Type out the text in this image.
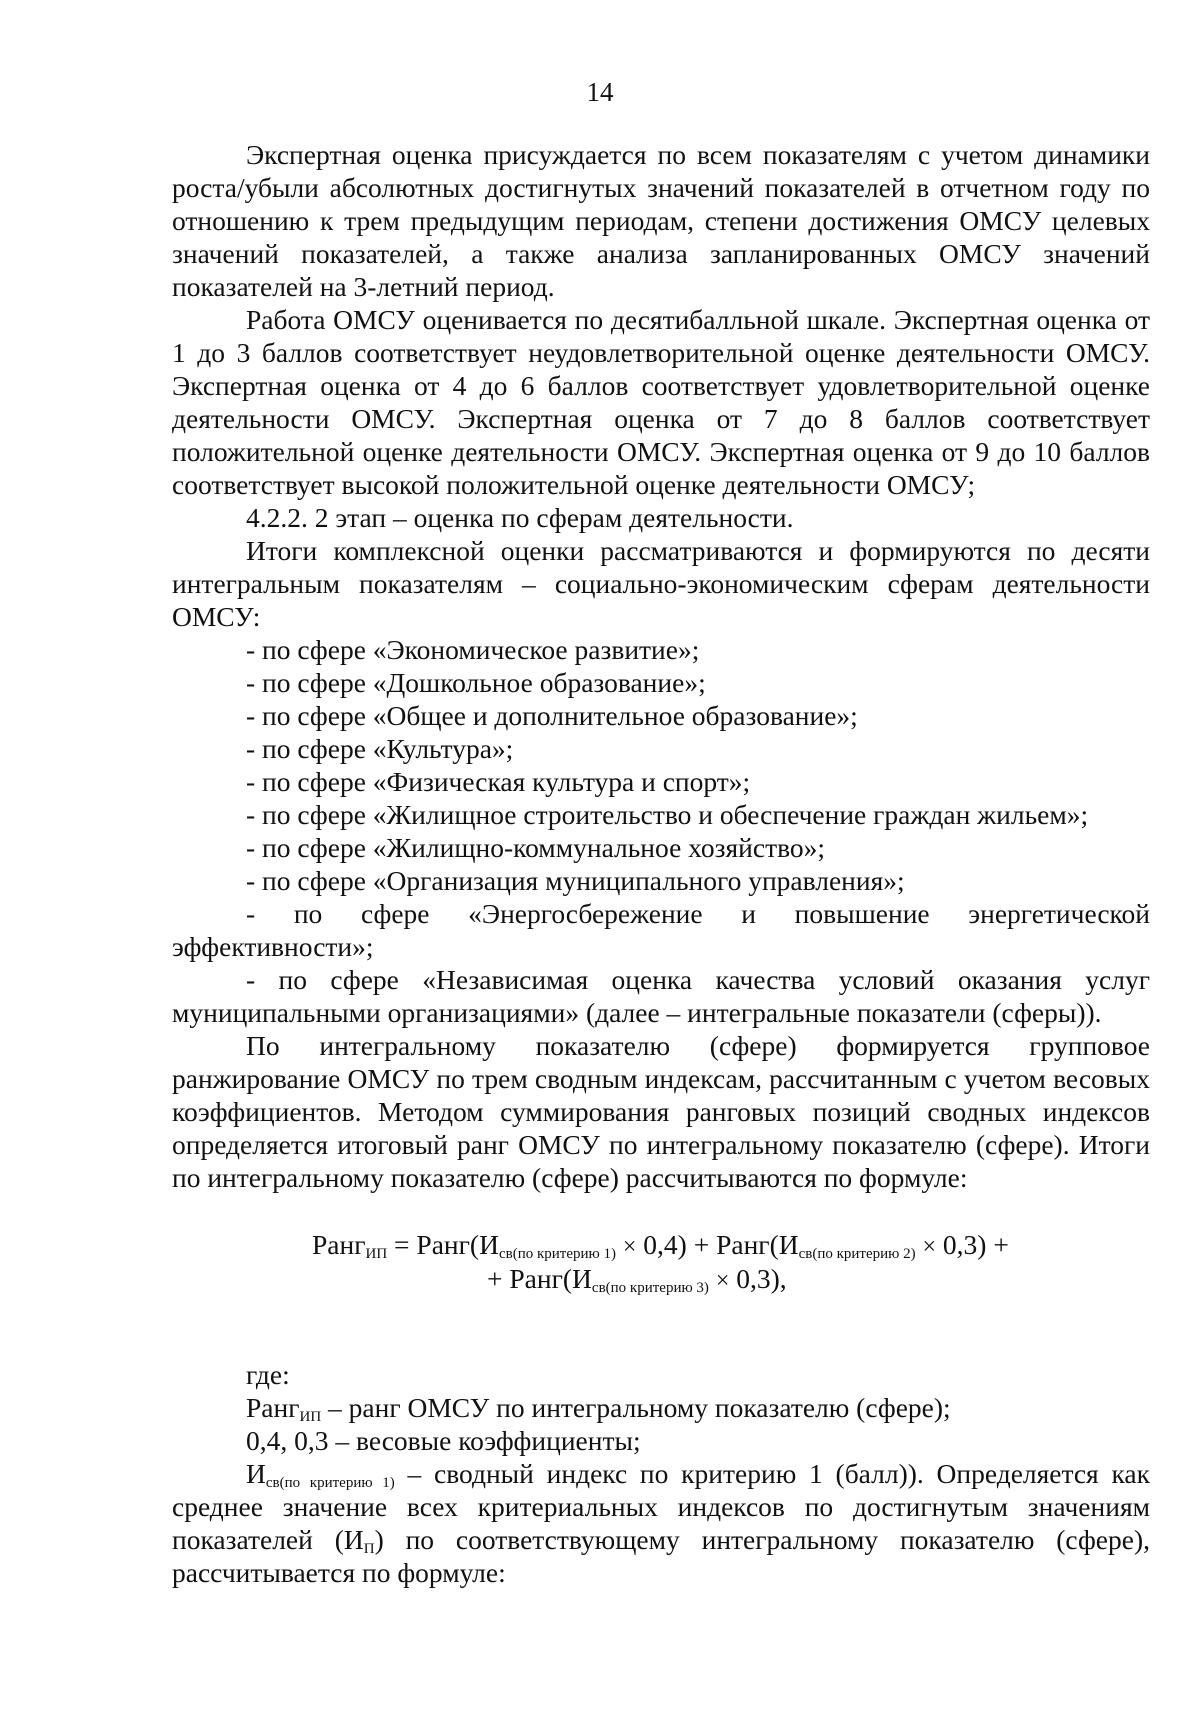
14

Экспертная оценка присуждается по всем показателям с учетом динамики роста/убыли абсолютных достигнутых значений показателей в отчетном году по отношению к трем предыдущим периодам, степени достижения ОМСУ целевых значений показателей, а также анализа запланированных ОМСУ значений показателей на 3-летний период.

Работа ОМСУ оценивается по десятибалльной шкале. Экспертная оценка от 1 до 3 баллов соответствует неудовлетворительной оценке деятельности ОМСУ. Экспертная оценка от 4 до 6 баллов соответствует удовлетворительной оценке деятельности ОМСУ. Экспертная оценка от 7 до 8 баллов соответствует положительной оценке деятельности ОМСУ. Экспертная оценка от 9 до 10 баллов соответствует высокой положительной оценке деятельности ОМСУ;

4.2.2. 2 этап – оценка по сферам деятельности.

Итоги комплексной оценки рассматриваются и формируются по десяти интегральным показателям – социально-экономическим сферам деятельности ОМСУ:

- по сфере «Экономическое развитие»;
- по сфере «Дошкольное образование»;
- по сфере «Общее и дополнительное образование»;
- по сфере «Культура»;
- по сфере «Физическая культура и спорт»;
- по сфере «Жилищное строительство и обеспечение граждан жильем»;
- по сфере «Жилищно-коммунальное хозяйство»;
- по сфере «Организация муниципального управления»;
- по сфере «Энергосбережение и повышение энергетической эффективности»;
- по сфере «Независимая оценка качества условий оказания услуг муниципальными организациями» (далее – интегральные показатели (сферы)).

По интегральному показателю (сфере) формируется групповое ранжирование ОМСУ по трем сводным индексам, рассчитанным с учетом весовых коэффициентов. Методом суммирования ранговых позиций сводных индексов определяется итоговый ранг ОМСУ по интегральному показателю (сфере). Итоги по интегральному показателю (сфере) рассчитываются по формуле:

Ранг$_{ИП}$ = $Ранг(И_{св(по критерию 1)} \times 0,4)$ + $Ранг(И_{св(по критерию 2)} \times 0,3)$ +
+ $Ранг(И_{св(по критерию 3)} \times 0,3)$,

где:

Ранг$_{ИП}$ – ранг ОМСУ по интегральному показателю (сфере);

0,4, 0,3 – весовые коэффициенты;

$И_{св(по критерию 1)}$ – сводный индекс по критерию 1 (балл)). Определяется как среднее значение всех критериальных индексов по достигнутым значениям показателей $(И_П)$ по соответствующему интегральному показателю (сфере), рассчитывается по формуле:
